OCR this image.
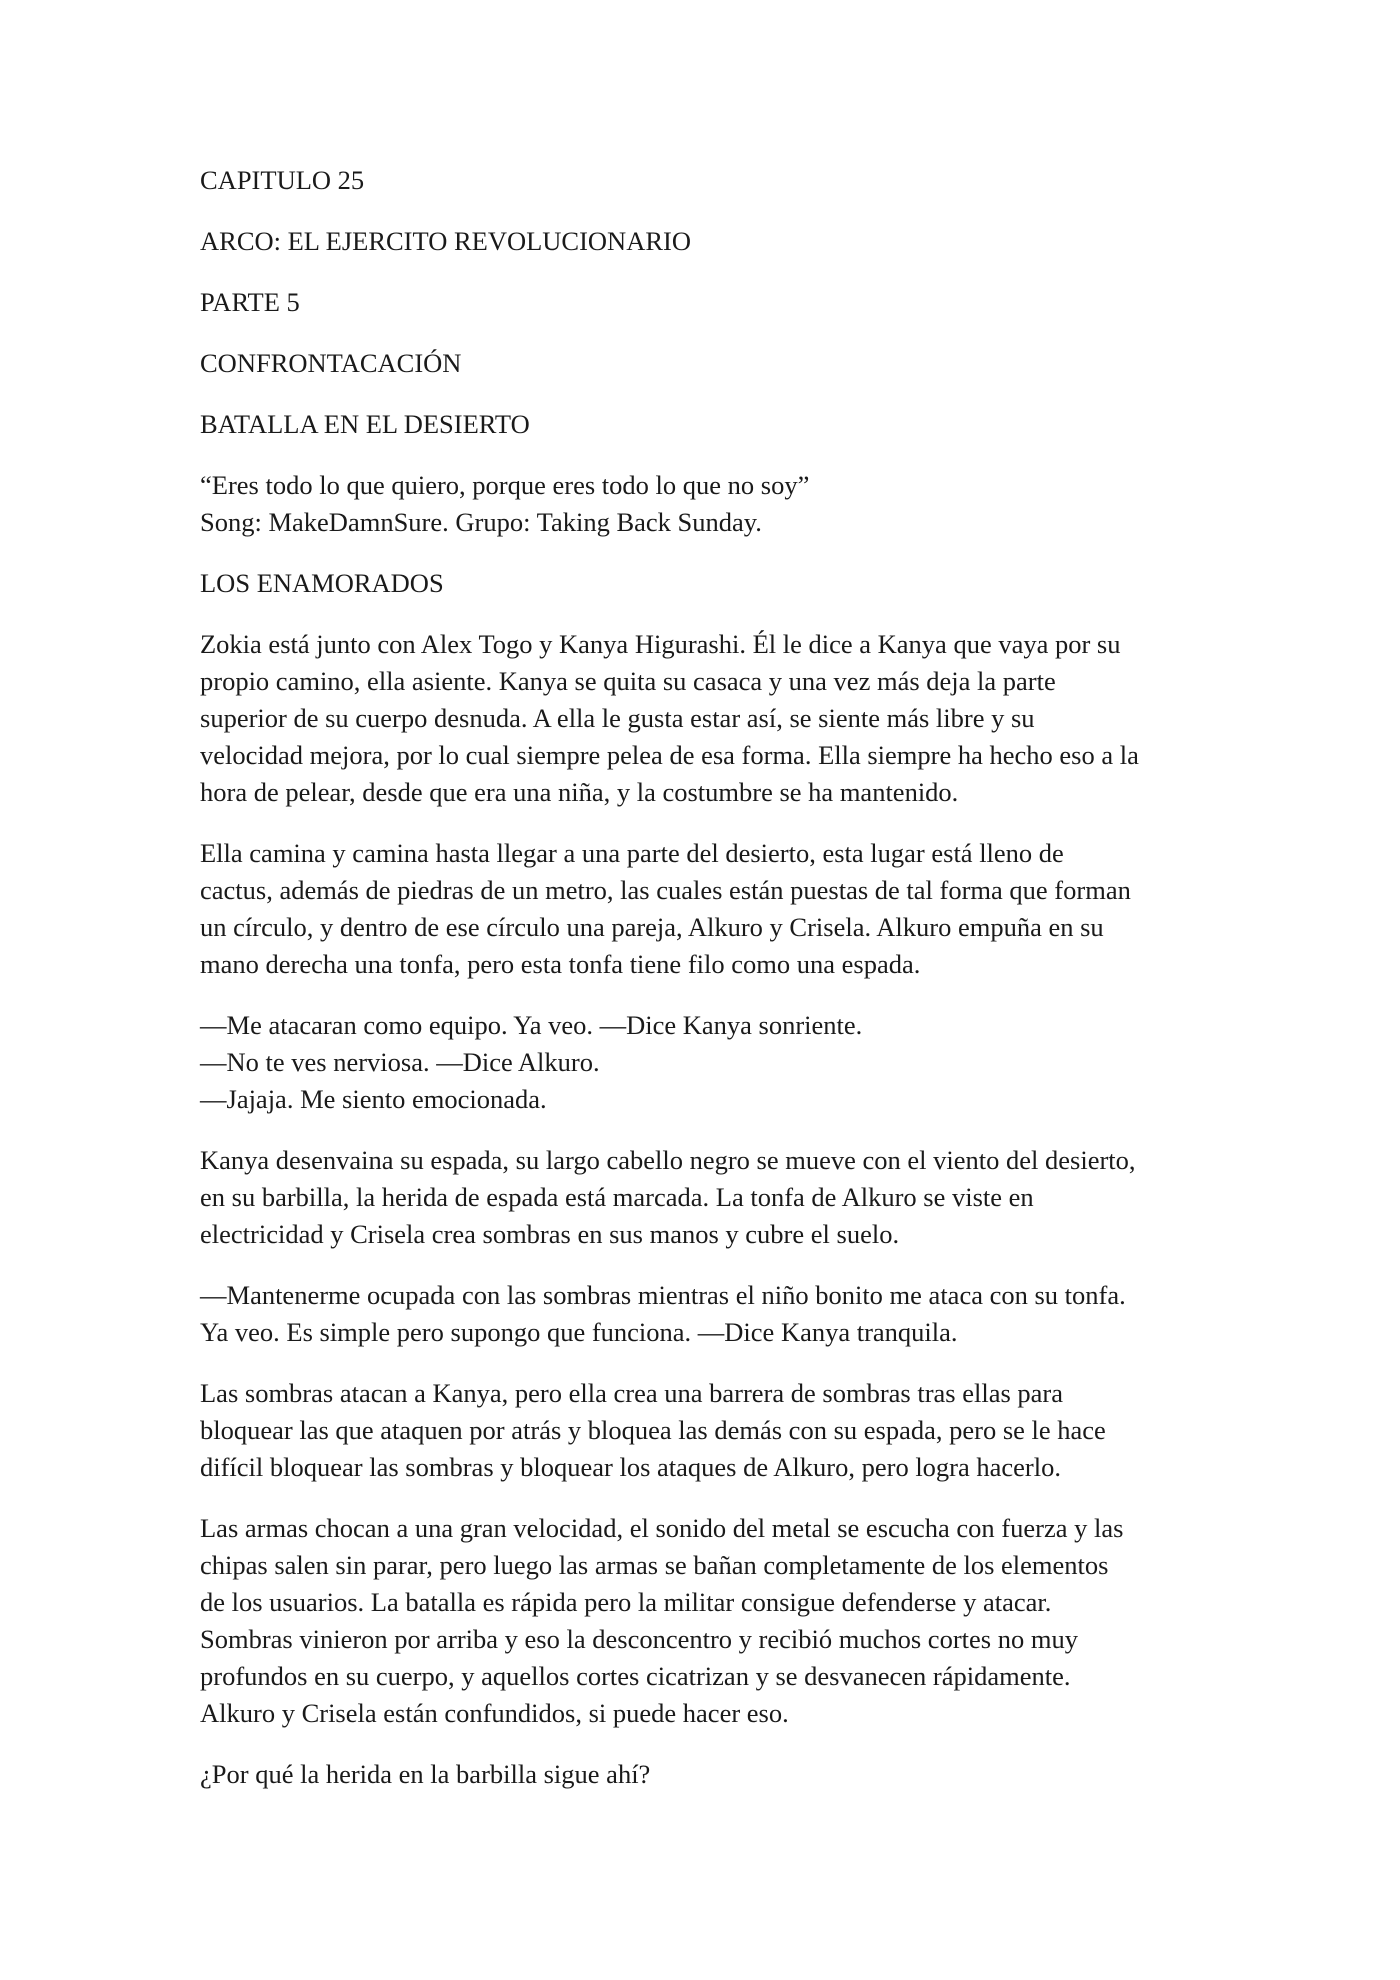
CAPITULO 25
ARCO: EL EJERCITO REVOLUCIONARIO
PARTE 5
CONFRONTACACIÓN
BATALLA EN EL DESIERTO
“Eres todo lo que quiero, porque eres todo lo que no soy”
Song: MakeDamnSure. Grupo: Taking Back Sunday.
LOS ENAMORADOS
Zokia está junto con Alex Togo y Kanya Higurashi. Él le dice a Kanya que vaya por su
propio camino, ella asiente. Kanya se quita su casaca y una vez más deja la parte
superior de su cuerpo desnuda. A ella le gusta estar así, se siente más libre y su
velocidad mejora, por lo cual siempre pelea de esa forma. Ella siempre ha hecho eso a la
hora de pelear, desde que era una niña, y la costumbre se ha mantenido.
Ella camina y camina hasta llegar a una parte del desierto, esta lugar está lleno de
cactus, además de piedras de un metro, las cuales están puestas de tal forma que forman
un círculo, y dentro de ese círculo una pareja, Alkuro y Crisela. Alkuro empuña en su
mano derecha una tonfa, pero esta tonfa tiene filo como una espada.
—Me atacaran como equipo. Ya veo. —Dice Kanya sonriente.
—No te ves nerviosa. —Dice Alkuro.
—Jajaja. Me siento emocionada.
Kanya desenvaina su espada, su largo cabello negro se mueve con el viento del desierto,
en su barbilla, la herida de espada está marcada. La tonfa de Alkuro se viste en
electricidad y Crisela crea sombras en sus manos y cubre el suelo.
—Mantenerme ocupada con las sombras mientras el niño bonito me ataca con su tonfa.
Ya veo. Es simple pero supongo que funciona. —Dice Kanya tranquila.
Las sombras atacan a Kanya, pero ella crea una barrera de sombras tras ellas para
bloquear las que ataquen por atrás y bloquea las demás con su espada, pero se le hace
difícil bloquear las sombras y bloquear los ataques de Alkuro, pero logra hacerlo.
Las armas chocan a una gran velocidad, el sonido del metal se escucha con fuerza y las
chipas salen sin parar, pero luego las armas se bañan completamente de los elementos
de los usuarios. La batalla es rápida pero la militar consigue defenderse y atacar.
Sombras vinieron por arriba y eso la desconcentro y recibió muchos cortes no muy
profundos en su cuerpo, y aquellos cortes cicatrizan y se desvanecen rápidamente.
Alkuro y Crisela están confundidos, si puede hacer eso.
¿Por qué la herida en la barbilla sigue ahí?
